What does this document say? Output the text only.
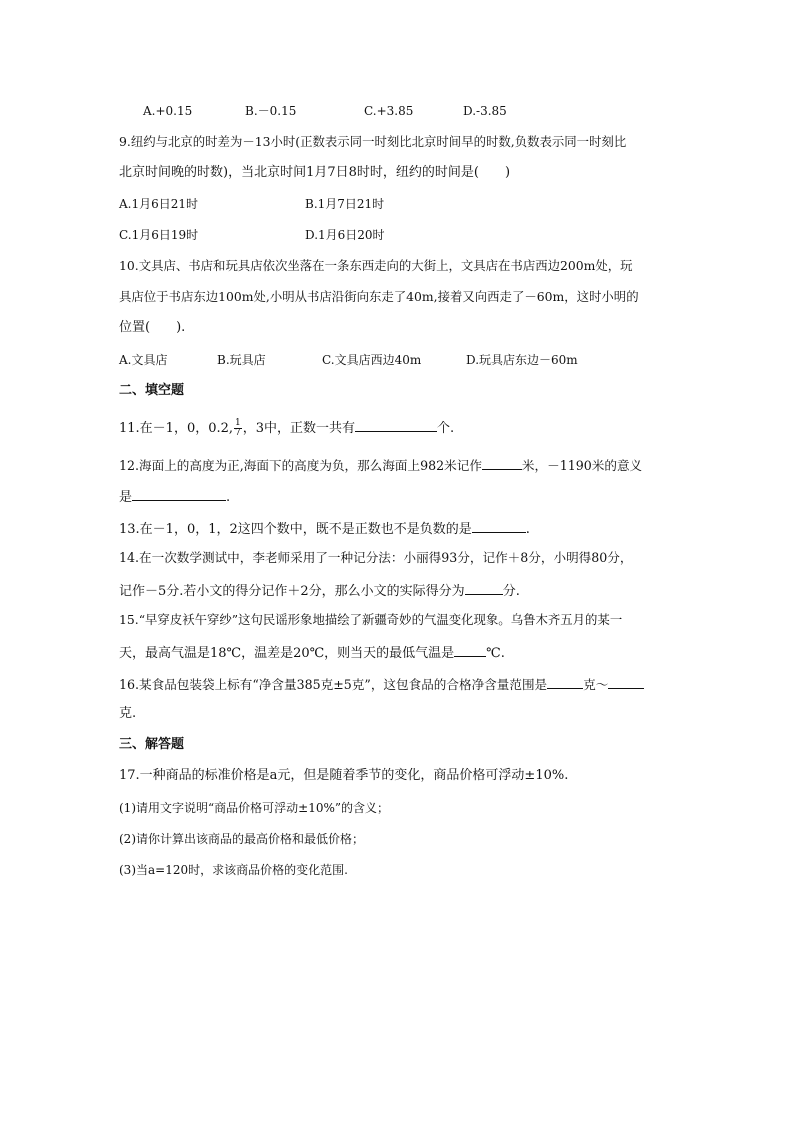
A.+0.15	B.－0.15	C.+3.85	D.-3.85
9.纽约与北京的时差为－13小时(正数表示同一时刻比北京时间早的时数,负数表示同一时刻比
北京时间晚的时数)，当北京时间1月7日8时时，纽约的时间是(　　)
A.1月6日21时	B.1月7日21时
C.1月6日19时	D.1月6日20时
10.文具店、书店和玩具店依次坐落在一条东西走向的大街上，文具店在书店西边200m处，玩
具店位于书店东边100m处,小明从书店沿街向东走了40m,接着又向西走了－60m，这时小明的
位置(　　).
A.文具店	B.玩具店	C.文具店西边40m	D.玩具店东边－60m
二、填空题
11.在－1，0，0.2, $\frac{1}{7}$ ，3中，正数一共有	个.
12.海面上的高度为正,海面下的高度为负，那么海面上982米记作	米，－1190米的意义
是	.
13.在－1，0，1，2这四个数中，既不是正数也不是负数的是	.
14.在一次数学测试中，李老师采用了一种记分法：小丽得93分，记作＋8分，小明得80分，
记作－5分.若小文的得分记作＋2分，那么小文的实际得分为	分.
15.“早穿皮袄午穿纱”这句民谣形象地描绘了新疆奇妙的气温变化现象。乌鲁木齐五月的某一
天，最高气温是18℃，温差是20℃，则当天的最低气温是 ℃.
16.某食品包装袋上标有“净含量385克±5克”，这包食品的合格净含量范围是	克～
克.
三、解答题
17.一种商品的标准价格是a元，但是随着季节的变化，商品价格可浮动±10%.
(1)请用文字说明“商品价格可浮动±10%”的含义；
(2)请你计算出该商品的最高价格和最低价格；
(3)当a=120时，求该商品价格的变化范围.
